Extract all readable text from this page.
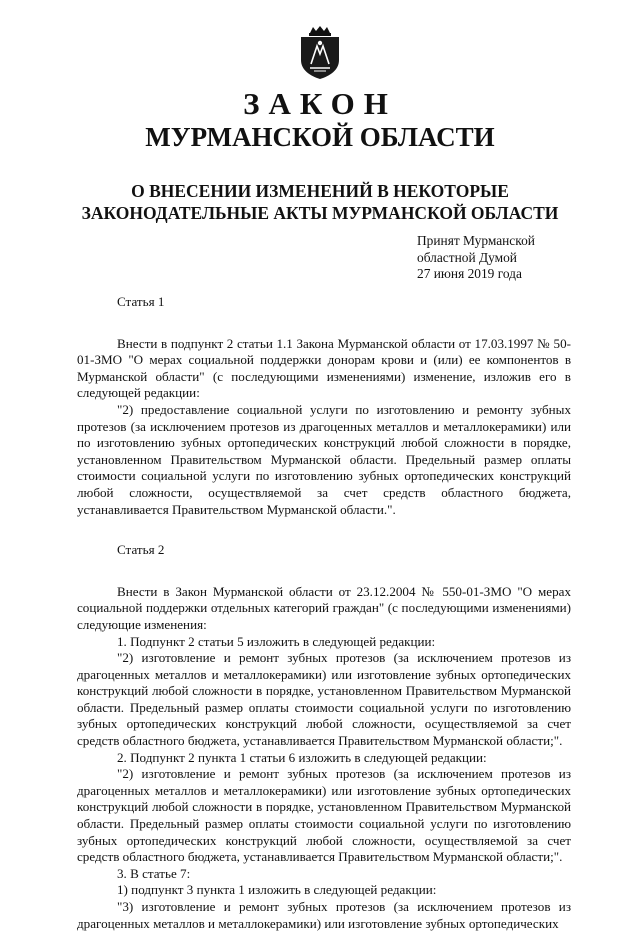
ЗАКОН
МУРМАНСКОЙ ОБЛАСТИ
О ВНЕСЕНИИ ИЗМЕНЕНИЙ В НЕКОТОРЫЕ
ЗАКОНОДАТЕЛЬНЫЕ АКТЫ МУРМАНСКОЙ ОБЛАСТИ
Принят Мурманской
областной Думой
27 июня 2019 года
Статья 1

Внести в подпункт 2 статьи 1.1 Закона Мурманской области от 17.03.1997 № 50-01-ЗМО "О мерах социальной поддержки донорам крови и (или) ее компонентов в Мурманской области" (с последующими изменениями) изменение, изложив его в следующей редакции:

"2) предоставление социальной услуги по изготовлению и ремонту зубных протезов (за исключением протезов из драгоценных металлов и металлокерамики) или по изготовлению зубных ортопедических конструкций любой сложности в порядке, установленном Правительством Мурманской области. Предельный размер оплаты стоимости социальной услуги по изготовлению зубных ортопедических конструкций любой сложности, осуществляемой за счет средств областного бюджета, устанавливается Правительством Мурманской области.".

Статья 2

Внести в Закон Мурманской области от 23.12.2004 № 550-01-ЗМО "О мерах социальной поддержки отдельных категорий граждан" (с последующими изменениями) следующие изменения:

1. Подпункт 2 статьи 5 изложить в следующей редакции:

"2) изготовление и ремонт зубных протезов (за исключением протезов из драгоценных металлов и металлокерамики) или изготовление зубных ортопедических конструкций любой сложности в порядке, установленном Правительством Мурманской области. Предельный размер оплаты стоимости социальной услуги по изготовлению зубных ортопедических конструкций любой сложности, осуществляемой за счет средств областного бюджета, устанавливается Правительством Мурманской области;".

2. Подпункт 2 пункта 1 статьи 6 изложить в следующей редакции:

"2) изготовление и ремонт зубных протезов (за исключением протезов из драгоценных металлов и металлокерамики) или изготовление зубных ортопедических конструкций любой сложности в порядке, установленном Правительством Мурманской области. Предельный размер оплаты стоимости социальной услуги по изготовлению зубных ортопедических конструкций любой сложности, осуществляемой за счет средств областного бюджета, устанавливается Правительством Мурманской области;".

3. В статье 7:

1) подпункт 3 пункта 1 изложить в следующей редакции:

"3) изготовление и ремонт зубных протезов (за исключением протезов из драгоценных металлов и металлокерамики) или изготовление зубных ортопедических
